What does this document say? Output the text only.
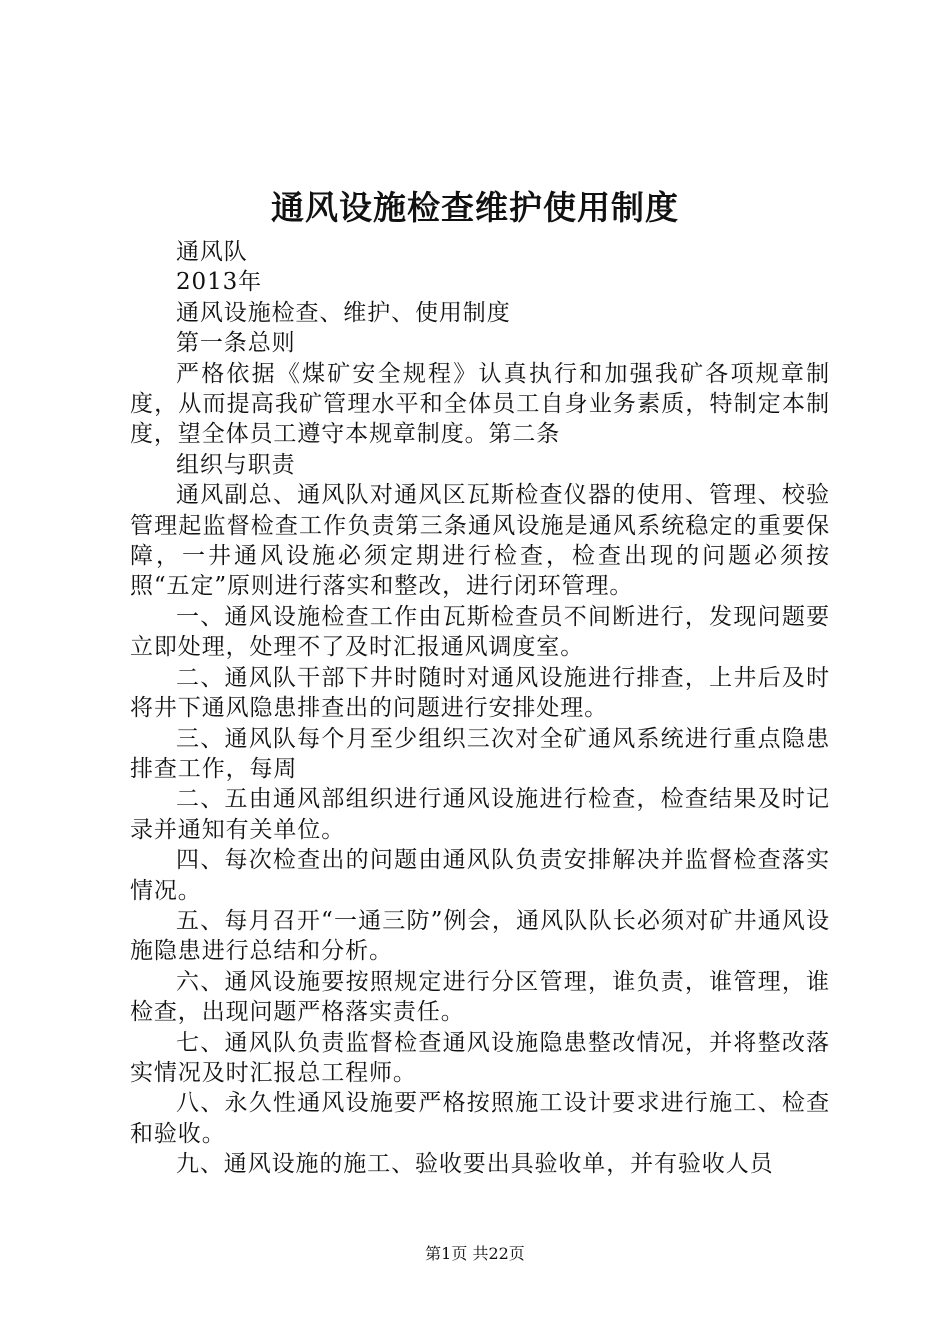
通风设施检查维护使用制度

通风队

2013年

通风设施检查、维护、使用制度

第一条总则

严格依据《煤矿安全规程》认真执行和加强我矿各项规章制度，从而提高我矿管理水平和全体员工自身业务素质，特制定本制度，望全体员工遵守本规章制度。第二条

组织与职责

通风副总、通风队对通风区瓦斯检查仪器的使用、管理、校验管理起监督检查工作负责第三条通风设施是通风系统稳定的重要保障，一井通风设施必须定期进行检查，检查出现的问题必须按照“五定”原则进行落实和整改，进行闭环管理。

一、通风设施检查工作由瓦斯检查员不间断进行，发现问题要立即处理，处理不了及时汇报通风调度室。

二、通风队干部下井时随时对通风设施进行排查，上井后及时将井下通风隐患排查出的问题进行安排处理。

三、通风队每个月至少组织三次对全矿通风系统进行重点隐患排查工作，每周

二、五由通风部组织进行通风设施进行检查，检查结果及时记录并通知有关单位。

四、每次检查出的问题由通风队负责安排解决并监督检查落实情况。

五、每月召开“一通三防”例会，通风队队长必须对矿井通风设施隐患进行总结和分析。

六、通风设施要按照规定进行分区管理，谁负责，谁管理，谁检查，出现问题严格落实责任。

七、通风队负责监督检查通风设施隐患整改情况，并将整改落实情况及时汇报总工程师。

八、永久性通风设施要严格按照施工设计要求进行施工、检查和验收。

九、通风设施的施工、验收要出具验收单，并有验收人员

第1页 共22页
